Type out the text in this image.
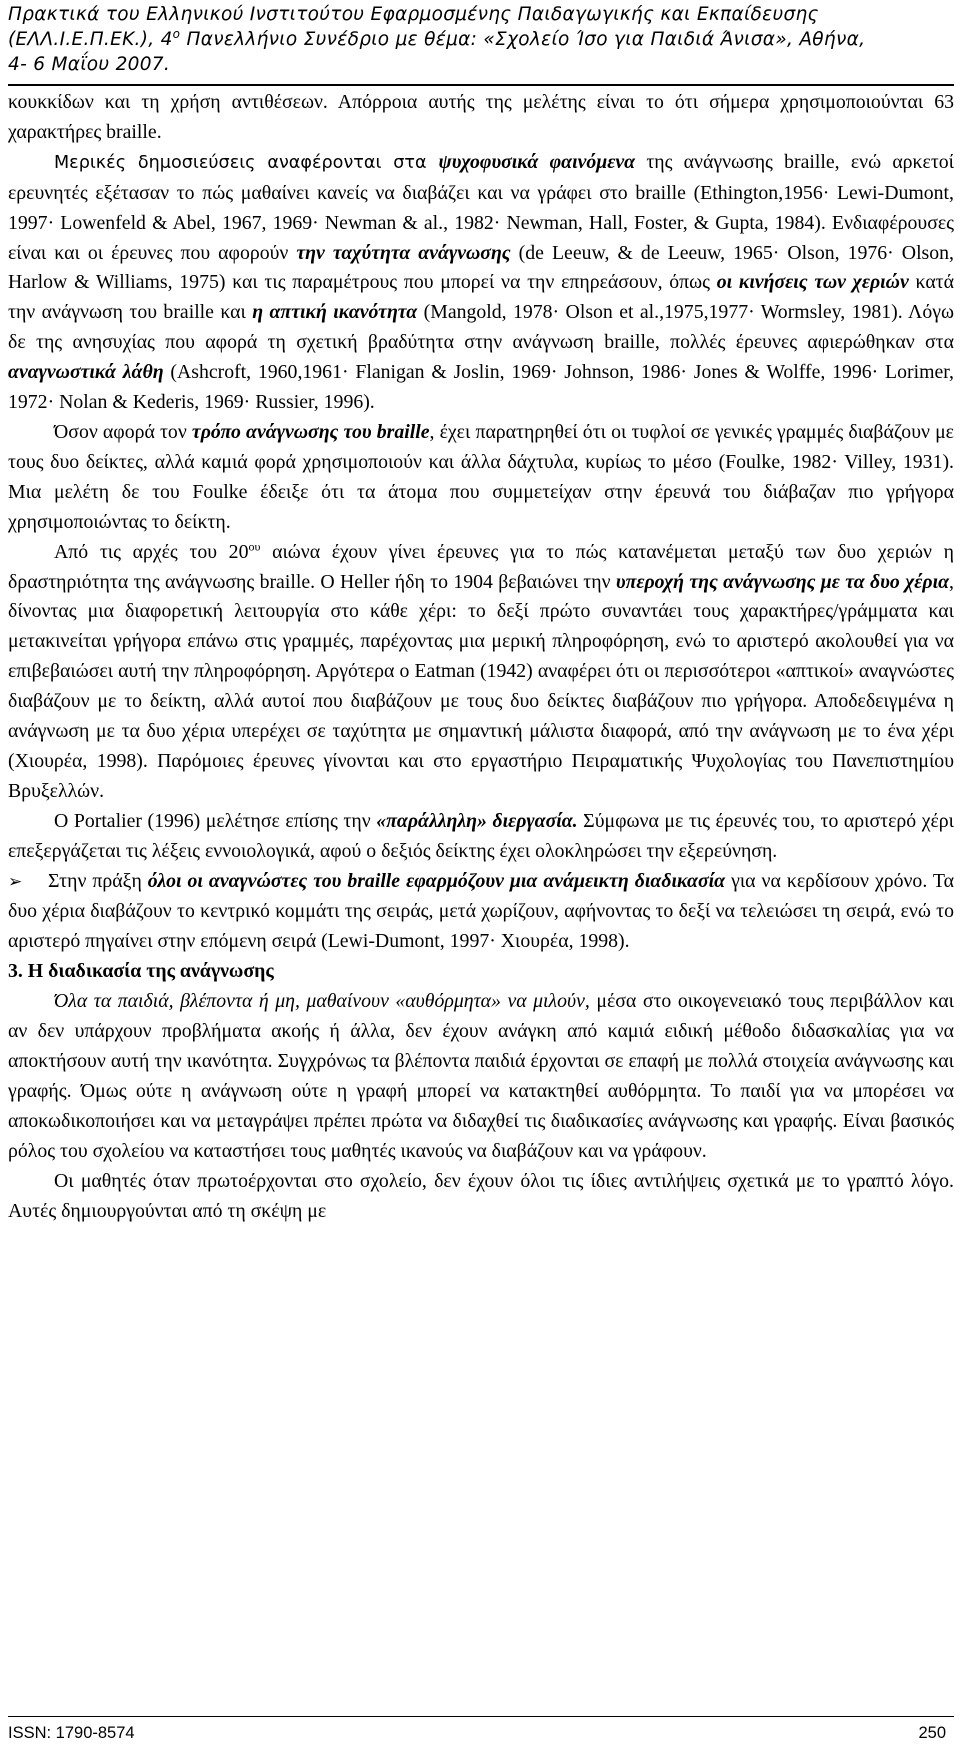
Πρακτικά του Ελληνικού Ινστιτούτου Εφαρμοσμένης Παιδαγωγικής και Εκπαίδευσης
(ΕΛΛ.Ι.Ε.Π.ΕΚ.), $4^o$ Πανελλήνιο Συνέδριο με θέμα: «Σχολείο Ίσο για Παιδιά Άνισα», Αθήνα,
4- 6 Μαΐου 2007.

κουκκίδων και τη χρήση αντιθέσεων. Απόρροια αυτής της μελέτης είναι το ότι σήμερα χρησιμοποιούνται 63 χαρακτήρες braille.

Μερικές δημοσιεύσεις αναφέρονται στα ψυχοφυσικά φαινόμενα της ανάγνωσης braille, ενώ αρκετοί ερευνητές εξέτασαν το πώς μαθαίνει κανείς να διαβάζει και να γράφει στο braille (Ethington,1956· Lewi-Dumont, 1997· Lowenfeld & Abel, 1967, 1969· Newman & al., 1982· Newman, Hall, Foster, & Gupta, 1984). Ενδιαφέρουσες είναι και οι έρευνες που αφορούν την ταχύτητα ανάγνωσης (de Leeuw, & de Leeuw, 1965· Olson, 1976· Olson, Harlow & Williams, 1975) και τις παραμέτρους που μπορεί να την επηρεάσουν, όπως οι κινήσεις των χεριών κατά την ανάγνωση του braille και η απτική ικανότητα (Mangold, 1978· Olson et al.,1975,1977· Wormsley, 1981). Λόγω δε της ανησυχίας που αφορά τη σχετική βραδύτητα στην ανάγνωση braille, πολλές έρευνες αφιερώθηκαν στα αναγνωστικά λάθη (Ashcroft, 1960,1961· Flanigan & Joslin, 1969· Johnson, 1986· Jones & Wolffe, 1996· Lorimer, 1972· Nolan & Kederis, 1969· Russier, 1996).

Όσον αφορά τον τρόπο ανάγνωσης του braille, έχει παρατηρηθεί ότι οι τυφλοί σε γενικές γραμμές διαβάζουν με τους δυο δείκτες, αλλά καμιά φορά χρησιμοποιούν και άλλα δάχτυλα, κυρίως το μέσο (Foulke, 1982· Villey, 1931). Μια μελέτη δε του Foulke έδειξε ότι τα άτομα που συμμετείχαν στην έρευνά του διάβαζαν πιο γρήγορα χρησιμοποιώντας το δείκτη.

Από τις αρχές του $20^{o\upsilon}$ αιώνα έχουν γίνει έρευνες για το πώς κατανέμεται μεταξύ των δυο χεριών η δραστηριότητα της ανάγνωσης braille. Ο Heller ήδη το 1904 βεβαιώνει την υπεροχή της ανάγνωσης με τα δυο χέρια, δίνοντας μια διαφορετική λειτουργία στο κάθε χέρι: το δεξί πρώτο συναντάει τους χαρακτήρες/γράμματα και μετακινείται γρήγορα επάνω στις γραμμές, παρέχοντας μια μερική πληροφόρηση, ενώ το αριστερό ακολουθεί για να επιβεβαιώσει αυτή την πληροφόρηση. Αργότερα ο Eatman (1942) αναφέρει ότι οι περισσότεροι «απτικοί» αναγνώστες διαβάζουν με το δείκτη, αλλά αυτοί που διαβάζουν με τους δυο δείκτες διαβάζουν πιο γρήγορα. Αποδεδειγμένα η ανάγνωση με τα δυο χέρια υπερέχει σε ταχύτητα με σημαντική μάλιστα διαφορά, από την ανάγνωση με το ένα χέρι (Χιουρέα, 1998). Παρόμοιες έρευνες γίνονται και στο εργαστήριο Πειραματικής Ψυχολογίας του Πανεπιστημίου Βρυξελλών.

Ο Portalier (1996) μελέτησε επίσης την «παράλληλη» διεργασία. Σύμφωνα με τις έρευνές του, το αριστερό χέρι επεξεργάζεται τις λέξεις εννοιολογικά, αφού ο δεξιός δείκτης έχει ολοκληρώσει την εξερεύνηση.

➢ Στην πράξη όλοι οι αναγνώστες του braille εφαρμόζουν μια ανάμεικτη διαδικασία για να κερδίσουν χρόνο. Τα δυο χέρια διαβάζουν το κεντρικό κομμάτι της σειράς, μετά χωρίζουν, αφήνοντας το δεξί να τελειώσει τη σειρά, ενώ το αριστερό πηγαίνει στην επόμενη σειρά (Lewi-Dumont, 1997· Χιουρέα, 1998).

3. Η διαδικασία της ανάγνωσης

Όλα τα παιδιά, βλέποντα ή μη, μαθαίνουν «αυθόρμητα» να μιλούν, μέσα στο οικογενειακό τους περιβάλλον και αν δεν υπάρχουν προβλήματα ακοής ή άλλα, δεν έχουν ανάγκη από καμιά ειδική μέθοδο διδασκαλίας για να αποκτήσουν αυτή την ικανότητα. Συγχρόνως τα βλέποντα παιδιά έρχονται σε επαφή με πολλά στοιχεία ανάγνωσης και γραφής. Όμως ούτε η ανάγνωση ούτε η γραφή μπορεί να κατακτηθεί αυθόρμητα. Το παιδί για να μπορέσει να αποκωδικοποιήσει και να μεταγράψει πρέπει πρώτα να διδαχθεί τις διαδικασίες ανάγνωσης και γραφής. Είναι βασικός ρόλος του σχολείου να καταστήσει τους μαθητές ικανούς να διαβάζουν και να γράφουν.

Οι μαθητές όταν πρωτοέρχονται στο σχολείο, δεν έχουν όλοι τις ίδιες αντιλήψεις σχετικά με το γραπτό λόγο. Αυτές δημιουργούνται από τη σκέψη με

ISSN: 1790-8574	250
